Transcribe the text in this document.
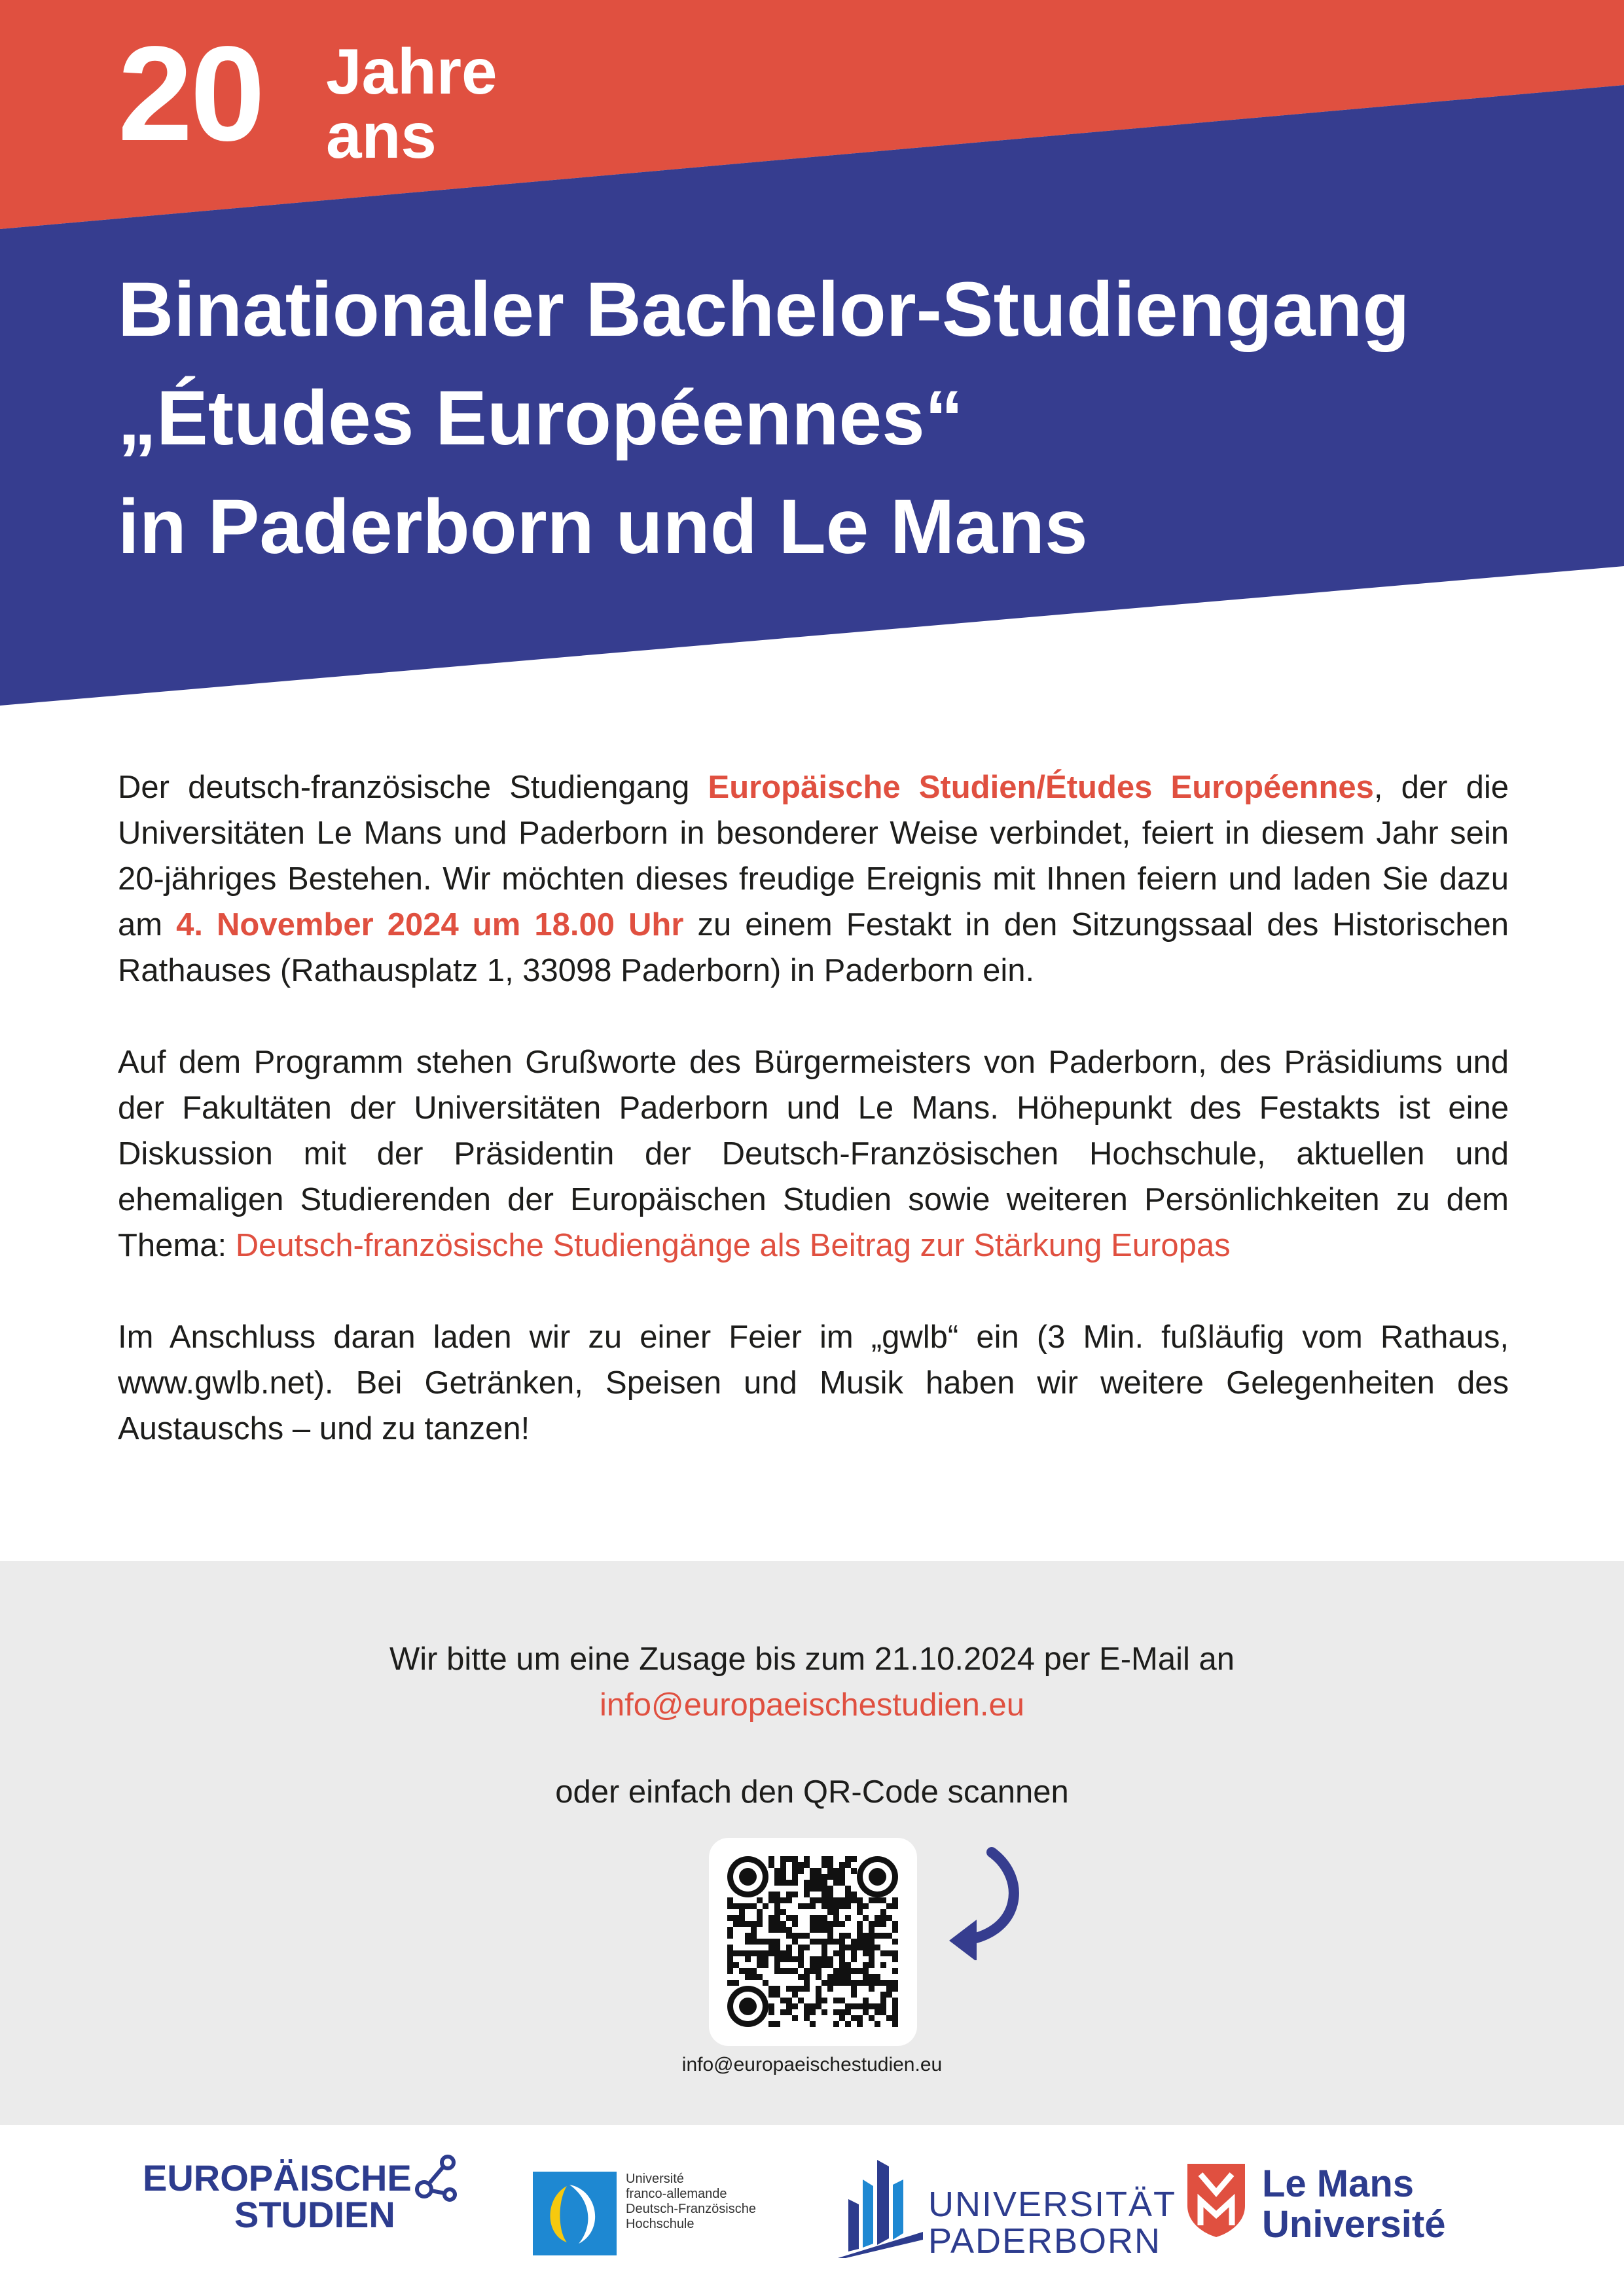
20 Jahre
ans
Binationaler Bachelor-Studiengang
„Études Européennes“
in Paderborn und Le Mans

Der deutsch-französische Studiengang Europäische Studien/Études Européennes, der die Universitäten Le Mans und Paderborn in besonderer Weise verbindet, feiert in diesem Jahr sein 20-jähriges Bestehen. Wir möchten dieses freudige Ereignis mit Ihnen feiern und laden Sie dazu am 4. November 2024 um 18.00 Uhr zu einem Festakt in den Sitzungssaal des Historischen Rathauses (Rathausplatz 1, 33098 Paderborn) in Paderborn ein.

Auf dem Programm stehen Grußworte des Bürgermeisters von Paderborn, des Präsidiums und der Fakultäten der Universitäten Paderborn und Le Mans. Höhepunkt des Festakts ist eine Diskussion mit der Präsidentin der Deutsch-Französischen Hochschule, aktuellen und ehemaligen Studierenden der Europäischen Studien sowie weiteren Persönlichkeiten zu dem Thema: Deutsch-französische Studiengänge als Beitrag zur Stärkung Europas

Im Anschluss daran laden wir zu einer Feier im „gwlb“ ein (3 Min. fußläufig vom Rathaus, www.gwlb.net). Bei Getränken, Speisen und Musik haben wir weitere Gelegenheiten des Austauschs – und zu tanzen!

Wir bitte um eine Zusage bis zum 21.10.2024 per E-Mail an
info@europaeischestudien.eu
oder einfach den QR-Code scannen
info@europaeischestudien.eu
EUROPÄISCHE
STUDIEN
Université
franco-allemande
Deutsch-Französische
Hochschule	UNIVERSITÄT
PADERBORN
Le Mans
Université
